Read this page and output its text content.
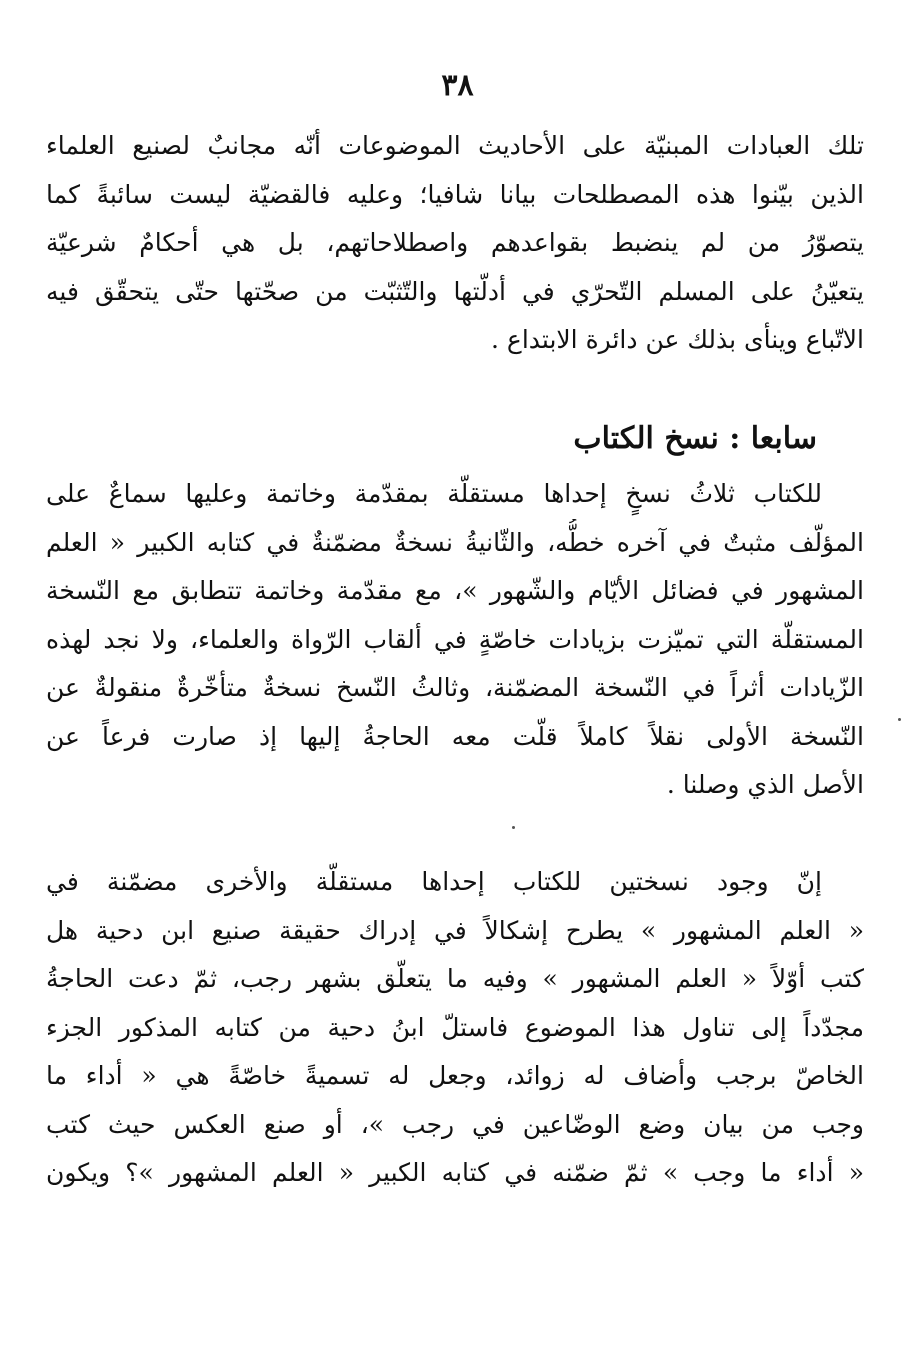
٣٨
تلك العبادات المبنيّة على الأحاديث الموضوعات أنّه مجانبٌ لصنيع العلماء
الذين بيّنوا هذه المصطلحات بيانا شافيا؛ وعليه فالقضيّة ليست سائبةً كما
يتصوّرُ من لم ينضبط بقواعدهم واصطلاحاتهم، بل هي أحكامٌ شرعيّة
يتعيّنُ على المسلم التّحرّي في أدلّتها والتّثبّت من صحّتها حتّى يتحقّق فيه
الاتّباع وينأى بذلك عن دائرة الابتداع .
سابعا : نسخ الكتاب
للكتاب ثلاثُ نسخٍ إحداها مستقلّة بمقدّمة وخاتمة وعليها سماعٌ على
المؤلّف مثبتٌ في آخره خطُّه، والثّانيةُ نسخةٌ مضمّنةٌ في كتابه الكبير « العلم
المشهور في فضائل الأيّام والشّهور »، مع مقدّمة وخاتمة تتطابق مع النّسخة
المستقلّة التي تميّزت بزيادات خاصّةٍ في ألقاب الرّواة والعلماء، ولا نجد لهذه
الزّيادات أثراً في النّسخة المضمّنة، وثالثُ النّسخ نسخةٌ متأخّرةٌ منقولةٌ عن
النّسخة الأولى نقلاً كاملاً قلّت معه الحاجةُ إليها إذ صارت فرعاً عن
الأصل الذي وصلنا .
إنّ وجود نسختين للكتاب إحداها مستقلّة والأخرى مضمّنة في
« العلم المشهور » يطرح إشكالاً في إدراك حقيقة صنيع ابن دحية هل
كتب أوّلاً « العلم المشهور » وفيه ما يتعلّق بشهر رجب، ثمّ دعت الحاجةُ
مجدّداً إلى تناول هذا الموضوع فاستلّ ابنُ دحية من كتابه المذكور الجزء
الخاصّ برجب وأضاف له زوائد، وجعل له تسميةً خاصّةً هي « أداء ما
وجب من بيان وضع الوضّاعين في رجب »، أو صنع العكس حيث كتب
« أداء ما وجب » ثمّ ضمّنه في كتابه الكبير « العلم المشهور »؟ ويكون
